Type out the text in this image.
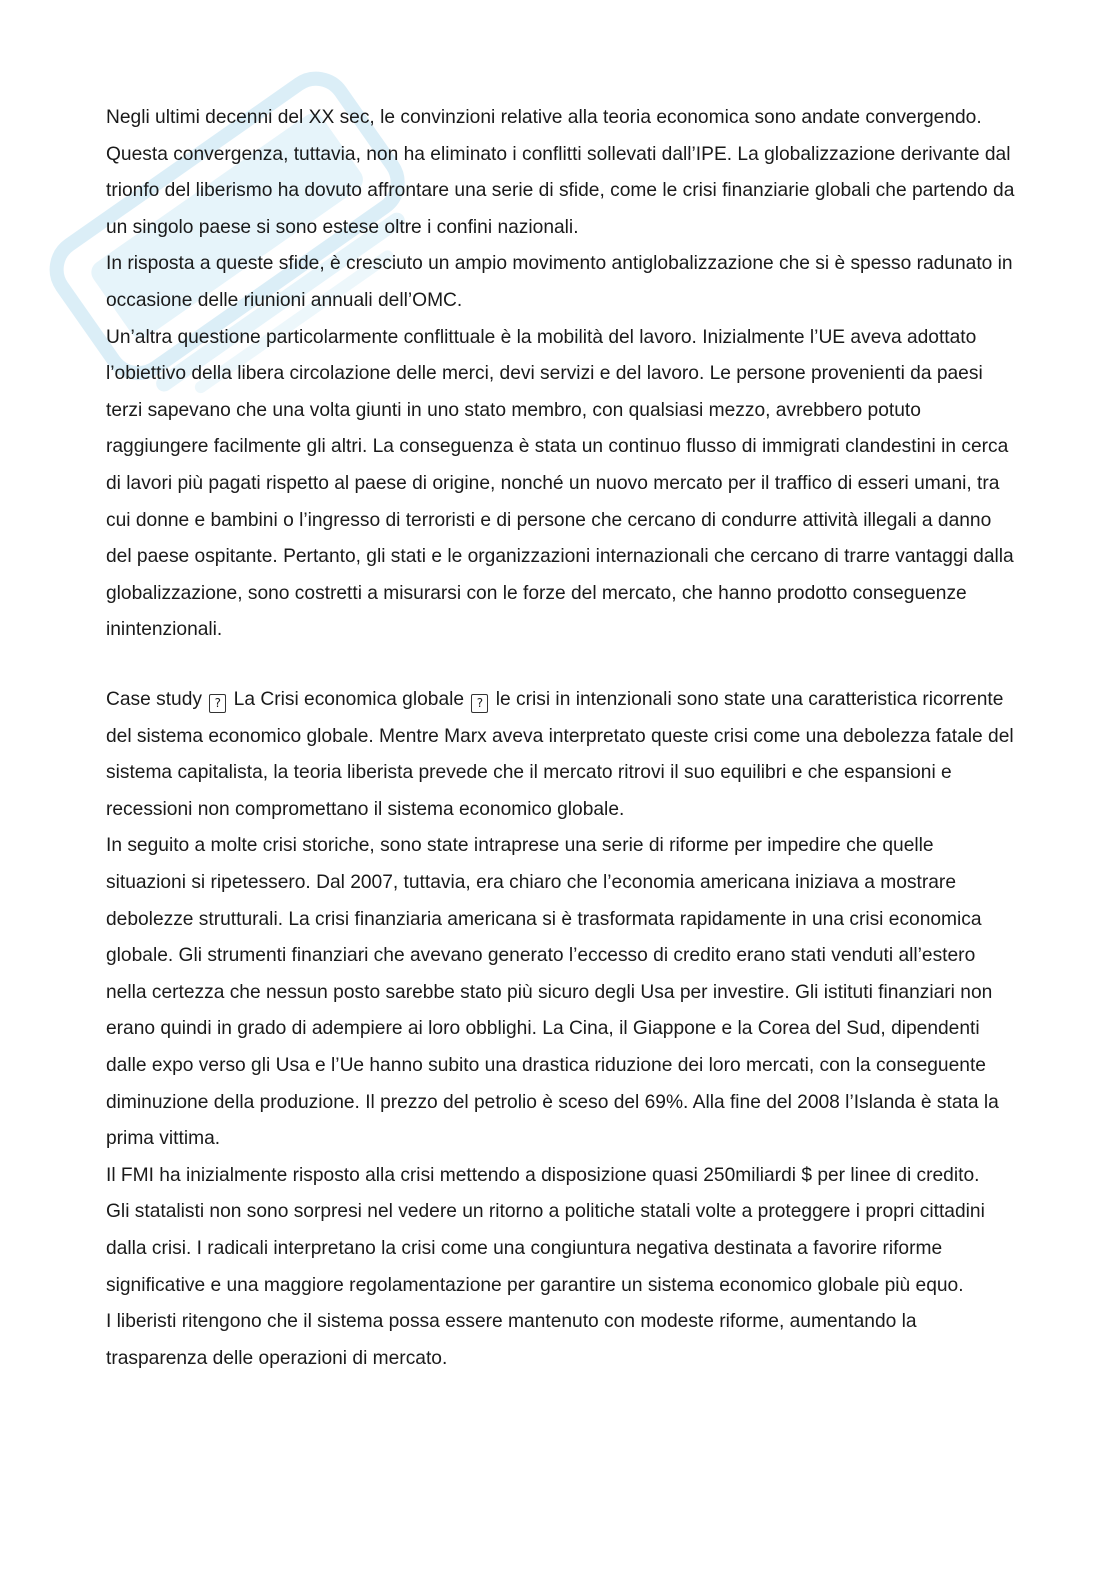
Negli ultimi decenni del XX sec, le convinzioni relative alla teoria economica sono andate convergendo. Questa convergenza, tuttavia, non ha eliminato i conflitti sollevati dall’IPE. La globalizzazione derivante dal trionfo del liberismo ha dovuto affrontare una serie di sfide, come le crisi finanziarie globali che partendo da un singolo paese si sono estese oltre i confini nazionali.

In risposta a queste sfide, è cresciuto un ampio movimento antiglobalizzazione che si è spesso radunato in occasione delle riunioni annuali dell’OMC.

Un’altra questione particolarmente conflittuale è la mobilità del lavoro. Inizialmente l’UE aveva adottato l’obiettivo della libera circolazione delle merci, devi servizi e del lavoro. Le persone provenienti da paesi terzi sapevano che una volta giunti in uno stato membro, con qualsiasi mezzo, avrebbero potuto raggiungere facilmente gli altri. La conseguenza è stata un continuo flusso di immigrati clandestini in cerca di lavori più pagati rispetto al paese di origine, nonché un nuovo mercato per il traffico di esseri umani, tra cui donne e bambini o l’ingresso di terroristi e di persone che cercano di condurre attività illegali a danno del paese ospitante. Pertanto, gli stati e le organizzazioni internazionali che cercano di trarre vantaggi dalla globalizzazione, sono costretti a misurarsi con le forze del mercato, che hanno prodotto conseguenze inintenzionali.

Case study ? La Crisi economica globale ? le crisi in intenzionali sono state una caratteristica ricorrente del sistema economico globale. Mentre Marx aveva interpretato queste crisi come una debolezza fatale del sistema capitalista, la teoria liberista prevede che il mercato ritrovi il suo equilibri e che espansioni e recessioni non compromettano il sistema economico globale.

In seguito a molte crisi storiche, sono state intraprese una serie di riforme per impedire che quelle situazioni si ripetessero. Dal 2007, tuttavia, era chiaro che l’economia americana iniziava a mostrare debolezze strutturali. La crisi finanziaria americana si è trasformata rapidamente in una crisi economica globale. Gli strumenti finanziari che avevano generato l’eccesso di credito erano stati venduti all’estero nella certezza che nessun posto sarebbe stato più sicuro degli Usa per investire. Gli istituti finanziari non erano quindi in grado di adempiere ai loro obblighi. La Cina, il Giappone e la Corea del Sud, dipendenti dalle expo verso gli Usa e l’Ue hanno subito una drastica riduzione dei loro mercati, con la conseguente diminuzione della produzione. Il prezzo del petrolio è sceso del 69%. Alla fine del 2008 l’Islanda è stata la prima vittima.

Il FMI ha inizialmente risposto alla crisi mettendo a disposizione quasi 250miliardi $ per linee di credito.

Gli statalisti non sono sorpresi nel vedere un ritorno a politiche statali volte a proteggere i propri cittadini dalla crisi. I radicali interpretano la crisi come una congiuntura negativa destinata a favorire riforme significative e una maggiore regolamentazione per garantire un sistema economico globale più equo.

I liberisti ritengono che il sistema possa essere mantenuto con modeste riforme, aumentando la trasparenza delle operazioni di mercato.
